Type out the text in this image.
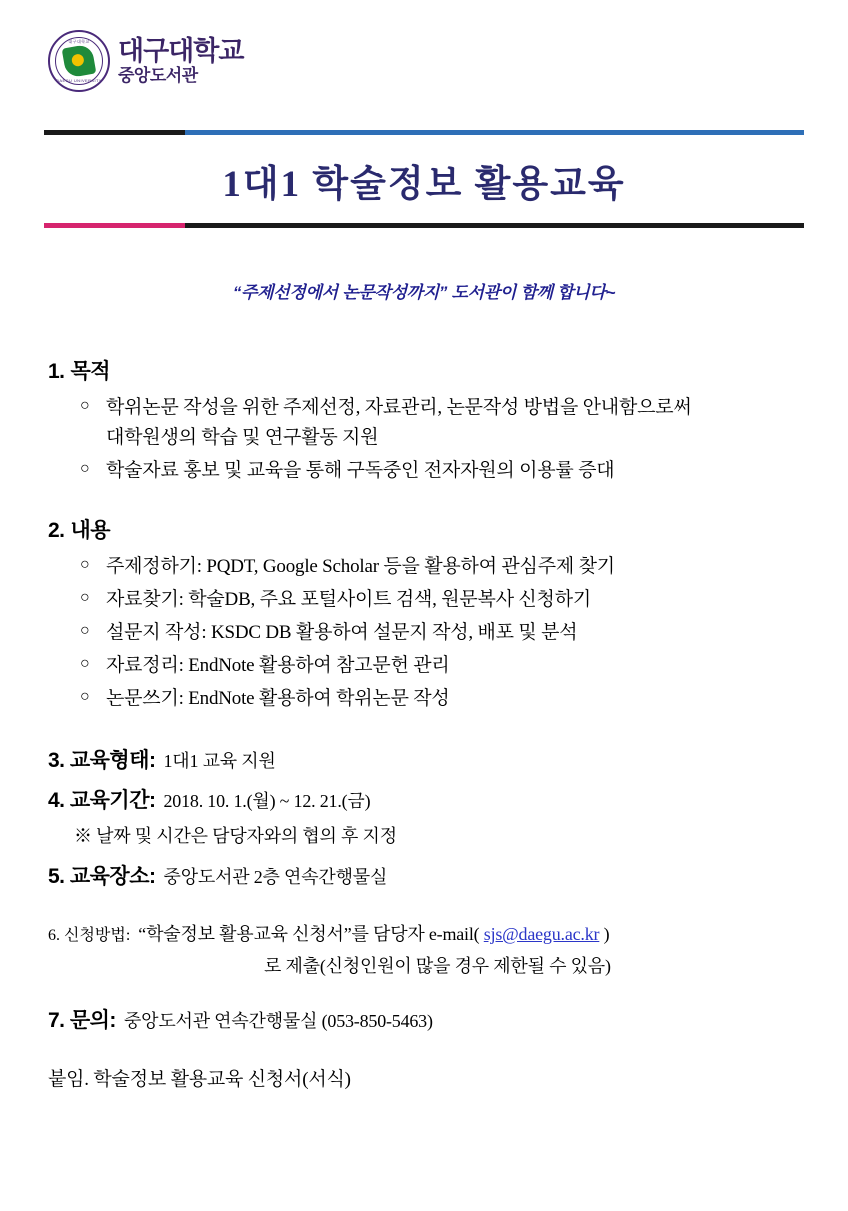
대구대학교
DAEGU UNIVERSITY
대구대학교
중앙도서관
1대1 학술정보 활용교육
“주제선정에서 논문작성까지” 도서관이 함께 합니다~
1. 목적
○ 학위논문 작성을 위한 주제선정, 자료관리, 논문작성 방법을 안내함으로써
대학원생의 학습 및 연구활동 지원
○ 학술자료 홍보 및 교육을 통해 구독중인 전자자원의 이용률 증대
2. 내용
○ 주제정하기: PQDT, Google Scholar 등을 활용하여 관심주제 찾기
○ 자료찾기: 학술DB, 주요 포털사이트 검색, 원문복사 신청하기
○ 설문지 작성: KSDC DB 활용하여 설문지 작성, 배포 및 분석
○ 자료정리: EndNote 활용하여 참고문헌 관리
○ 논문쓰기: EndNote 활용하여 학위논문 작성
3. 교육형태: 1대1 교육 지원
4. 교육기간: 2018. 10. 1.(월) ~ 12. 21.(금)
※ 날짜 및 시간은 담당자와의 협의 후 지정
5. 교육장소: 중앙도서관 2층 연속간행물실
6. 신청방법: “학술정보 활용교육 신청서”를 담당자 e-mail( sjs@daegu.ac.kr )
로 제출(신청인원이 많을 경우 제한될 수 있음)
7. 문의: 중앙도서관 연속간행물실 (053-850-5463)
붙임. 학술정보 활용교육 신청서(서식)
